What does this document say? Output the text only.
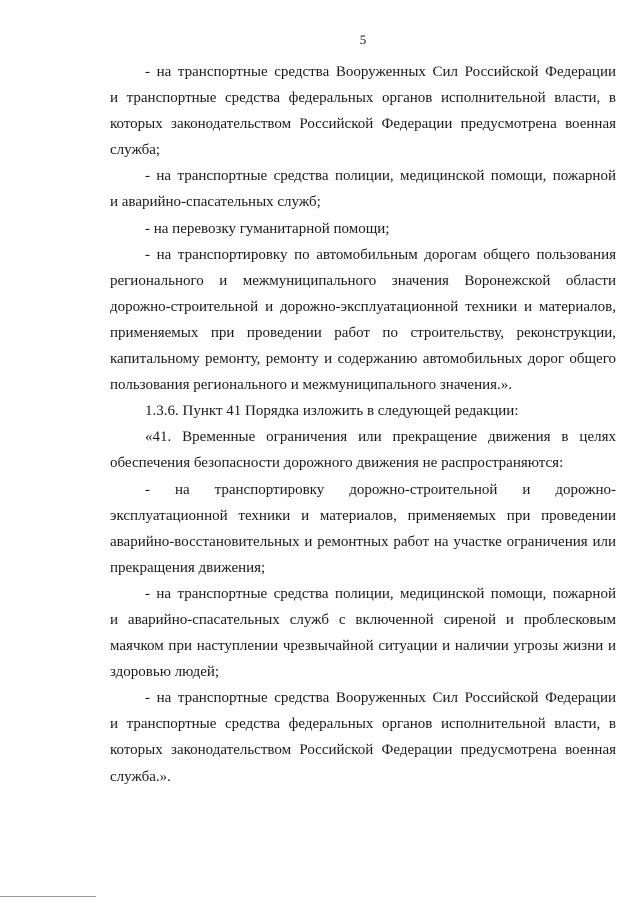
5
- на транспортные средства Вооруженных Сил Российской Федерации
и транспортные средства федеральных органов исполнительной власти, в
которых законодательством Российской Федерации предусмотрена военная
служба;
- на транспортные средства полиции, медицинской помощи, пожарной
и аварийно-спасательных служб;
- на перевозку гуманитарной помощи;
- на транспортировку по автомобильным дорогам общего пользования
регионального и межмуниципального значения Воронежской области
дорожно-строительной и дорожно-эксплуатационной техники и материалов,
применяемых при проведении работ по строительству, реконструкции,
капитальному ремонту, ремонту и содержанию автомобильных дорог общего
пользования регионального и межмуниципального значения.».
1.3.6. Пункт 41 Порядка изложить в следующей редакции:
«41. Временные ограничения или прекращение движения в целях
обеспечения безопасности дорожного движения не распространяются:
- на транспортировку дорожно-строительной и дорожно-
эксплуатационной техники и материалов, применяемых при проведении
аварийно-восстановительных и ремонтных работ на участке ограничения или
прекращения движения;
- на транспортные средства полиции, медицинской помощи, пожарной
и аварийно-спасательных служб с включенной сиреной и проблесковым
маячком при наступлении чрезвычайной ситуации и наличии угрозы жизни и
здоровью людей;
- на транспортные средства Вооруженных Сил Российской Федерации
и транспортные средства федеральных органов исполнительной власти, в
которых законодательством Российской Федерации предусмотрена военная
служба.».
